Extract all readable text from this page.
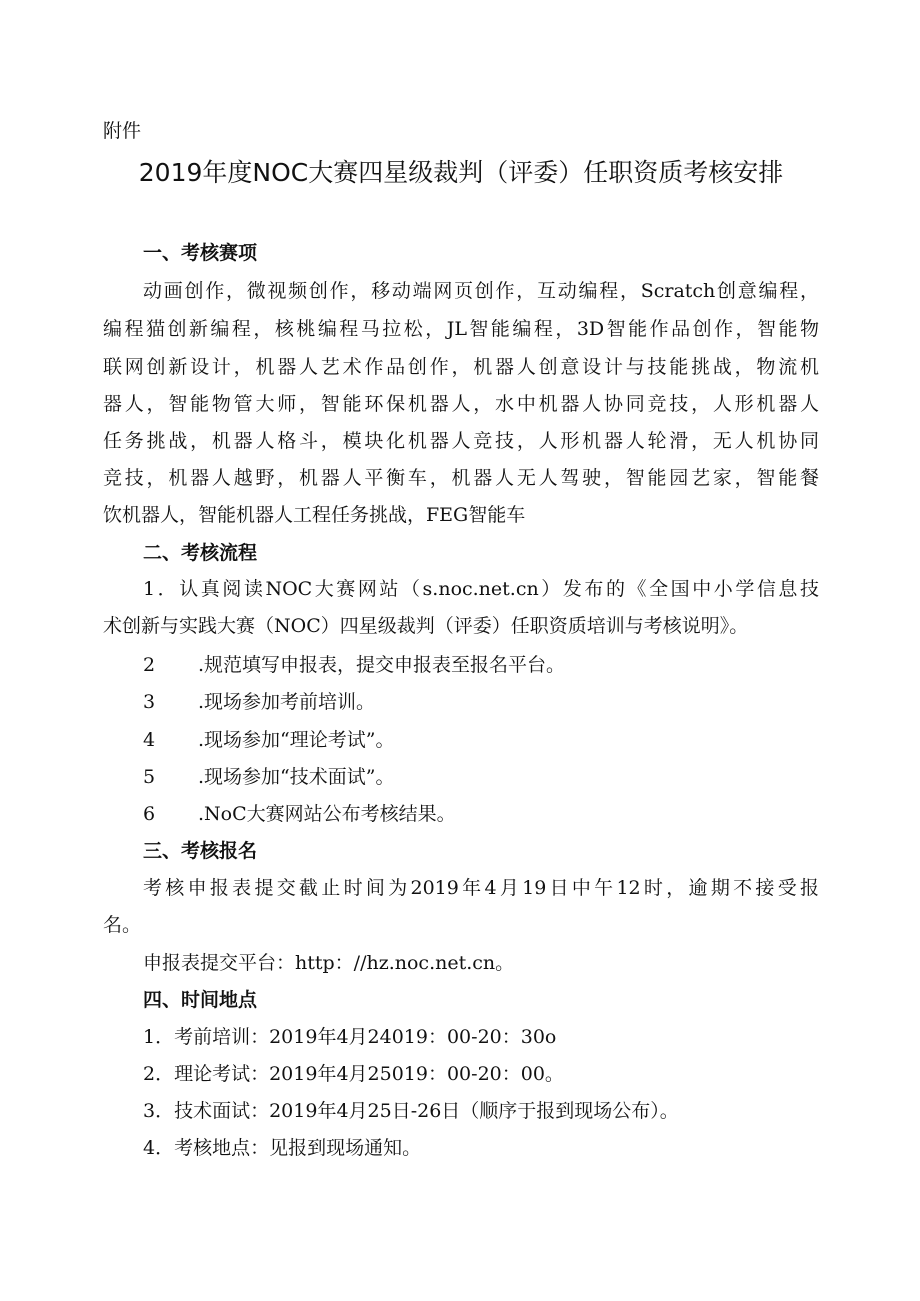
附件
2019年度NOC大赛四星级裁判（评委）任职资质考核安排
一、考核赛项
动画创作，微视频创作，移动端网页创作，互动编程，Scratch创意编程，
编程猫创新编程，核桃编程马拉松，JL智能编程，3D智能作品创作，智能物
联网创新设计，机器人艺术作品创作，机器人创意设计与技能挑战，物流机
器人，智能物管大师，智能环保机器人，水中机器人协同竞技，人形机器人
任务挑战，机器人格斗，模块化机器人竞技，人形机器人轮滑，无人机协同
竞技，机器人越野，机器人平衡车，机器人无人驾驶，智能园艺家，智能餐
饮机器人，智能机器人工程任务挑战，FEG智能车
二、考核流程
1．认真阅读NOC大赛网站（s.noc.net.cn）发布的《全国中小学信息技
术创新与实践大赛（NOC）四星级裁判（评委）任职资质培训与考核说明》。
2 .规范填写申报表，提交申报表至报名平台。
3 .现场参加考前培训。
4 .现场参加“理论考试”。
5 .现场参加“技术面试”。
6 .NoC大赛网站公布考核结果。
三、考核报名
考核申报表提交截止时间为2019年4月19日中午12时，逾期不接受报
名。
申报表提交平台：http：//hz.noc.net.cn。
四、时间地点
1．考前培训：2019年4月24019：00-20：30o
2．理论考试：2019年4月25019：00-20：00。
3．技术面试：2019年4月25日-26日（顺序于报到现场公布）。
4．考核地点：见报到现场通知。
